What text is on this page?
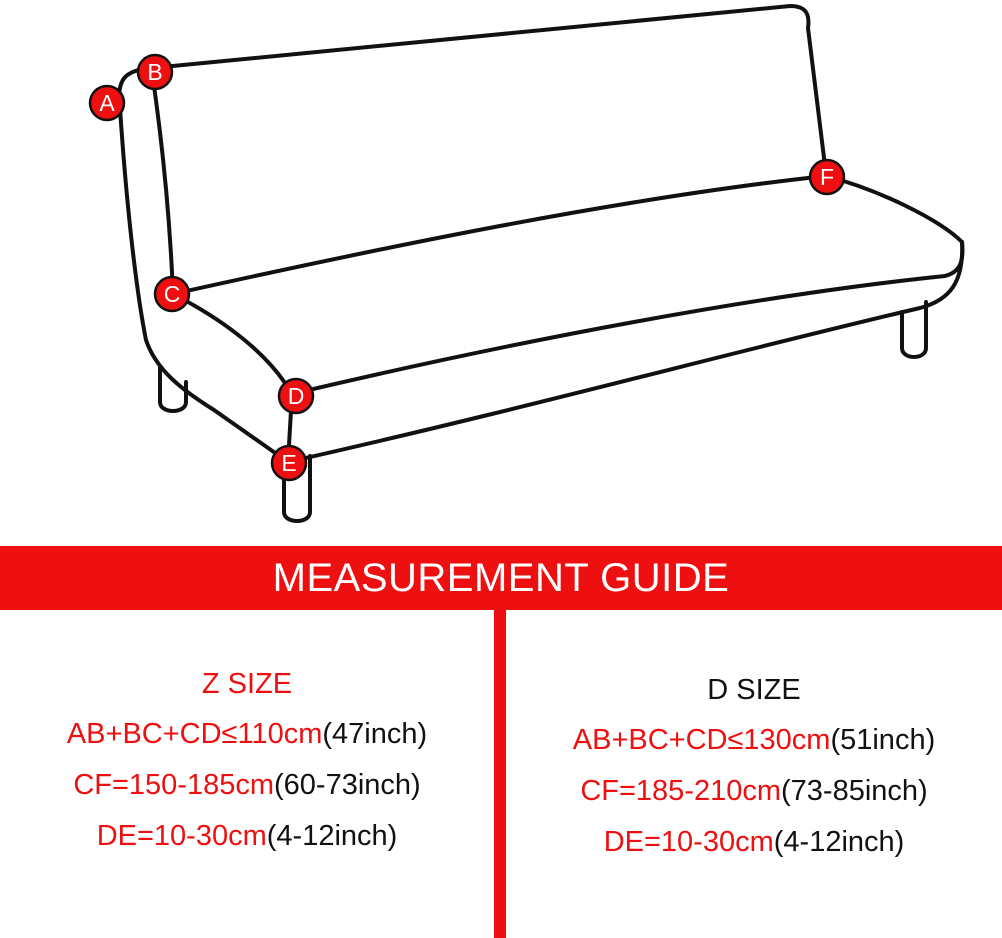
A
B
C
D
E
F
MEASUREMENT GUIDE
Z SIZE
AB+BC+CD≤110cm(47inch)
CF=150-185cm(60-73inch)
DE=10-30cm(4-12inch)
D SIZE
AB+BC+CD≤130cm(51inch)
CF=185-210cm(73-85inch)
DE=10-30cm(4-12inch)
